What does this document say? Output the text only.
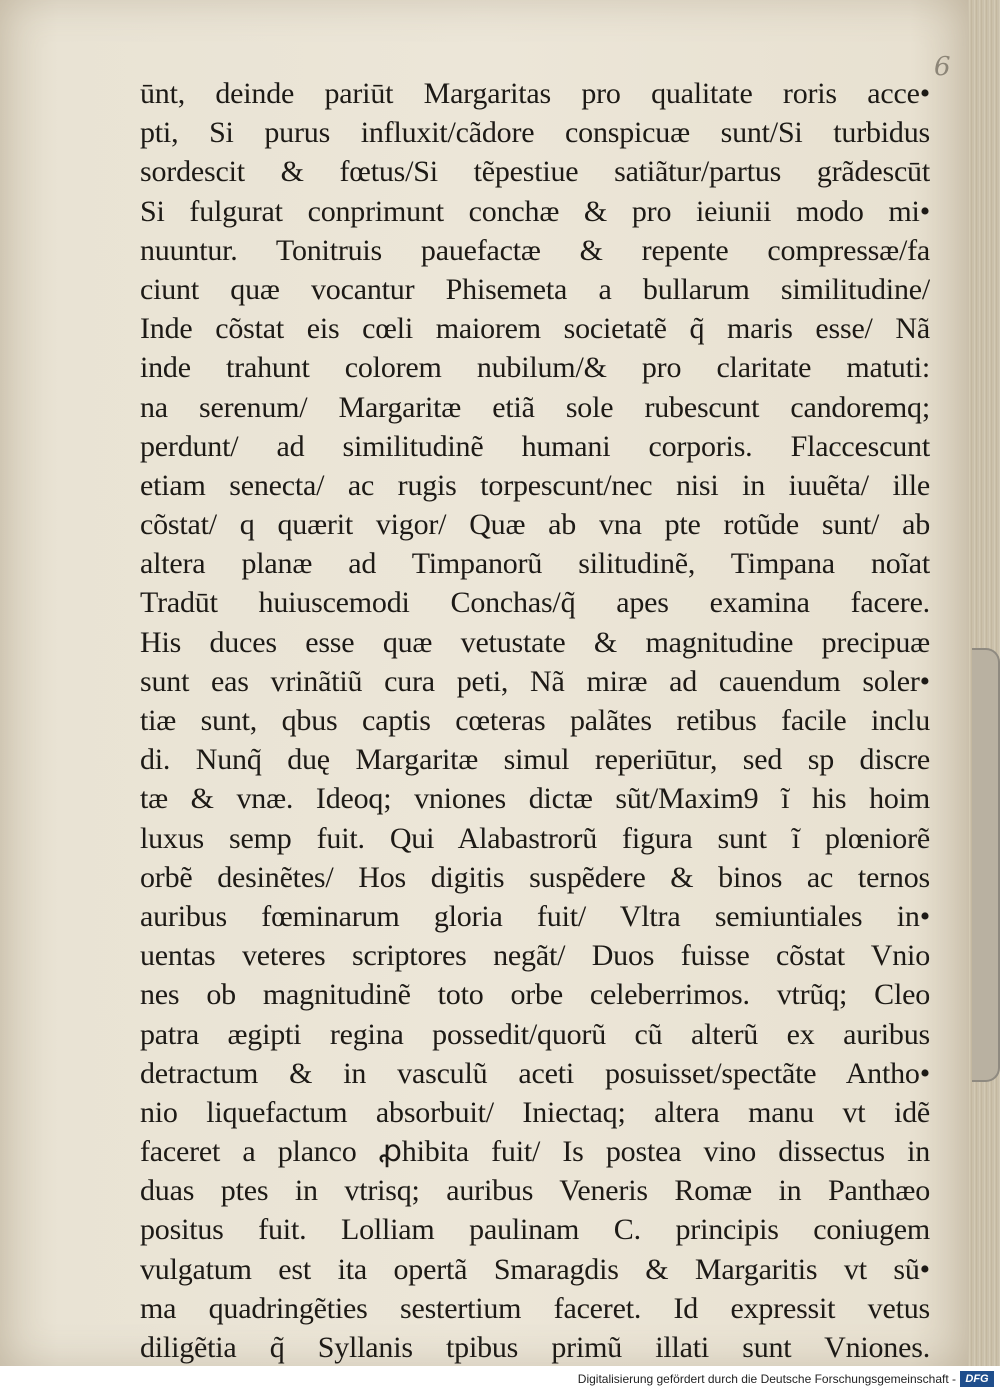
6
ūnt, deinde pariūt Margaritas pro qualitate roris acce•
pti, Si purus influxit/cãdore conspicuæ sunt/Si turbidus
sordescit & fœtus/Si tẽpestiue satiãtur/partus grãdescūt
Si fulgurat conprimunt conchæ & pro ieiunii modo mi•
nuuntur. Tonitruis pauefactæ & repente compressæ/fa
ciunt quæ vocantur Phisemeta a bullarum similitudine/
Inde cõstat eis cœli maiorem societatẽ q̃ maris esse/ Nã
inde trahunt colorem nubilum/& pro claritate matuti:
na serenum/ Margaritæ etiã sole rubescunt candoremq;
perdunt/ ad similitudinẽ humani corporis. Flaccescunt
etiam senecta/ ac rugis torpescunt/nec nisi in iuuẽta/ ille
cõstat/ q quærit vigor/ Quæ ab vna pte rotũde sunt/ ab
altera planæ ad Timpanorũ silitudinẽ, Timpana noĩat
Tradūt huiuscemodi Conchas/q̃ apes examina facere.
His duces esse quæ vetustate & magnitudine precipuæ
sunt eas vrinãtiũ cura peti, Nã miræ ad cauendum soler•
tiæ sunt, qbus captis cœteras palãtes retibus facile inclu
di. Nunq̃ duę Margaritæ simul reperiūtur, sed sp discre
tæ & vnæ. Ideoq; vniones dictæ sũt/Maxim9 ĩ his hoim
luxus semp fuit. Qui Alabastrorũ figura sunt ĩ plœniorẽ
orbẽ desinẽtes/ Hos digitis suspẽdere & binos ac ternos
auribus fœminarum gloria fuit/ Vltra semiuntiales in•
uentas veteres scriptores negãt/ Duos fuisse cõstat Vnio
nes ob magnitudinẽ toto orbe celeberrimos. vtrũq; Cleo
patra ægipti regina possedit/quorũ cũ alterũ ex auribus
detractum & in vasculũ aceti posuisset/spectãte Antho•
nio liquefactum absorbuit/ Iniectaq; altera manu vt idẽ
faceret a planco ꝓhibita fuit/ Is postea vino dissectus in
duas ptes in vtrisq; auribus Veneris Romæ in Panthæo
positus fuit. Lolliam paulinam C. principis coniugem
vulgatum est ita opertã Smaragdis & Margaritis vt sũ•
ma quadringẽties sestertium faceret. Id expressit vetus
diligẽtia q̃ Syllanis tpibus primũ illati sunt Vniones.
Digitalisierung gefördert durch die Deutsche Forschungsgemeinschaft - DFG
